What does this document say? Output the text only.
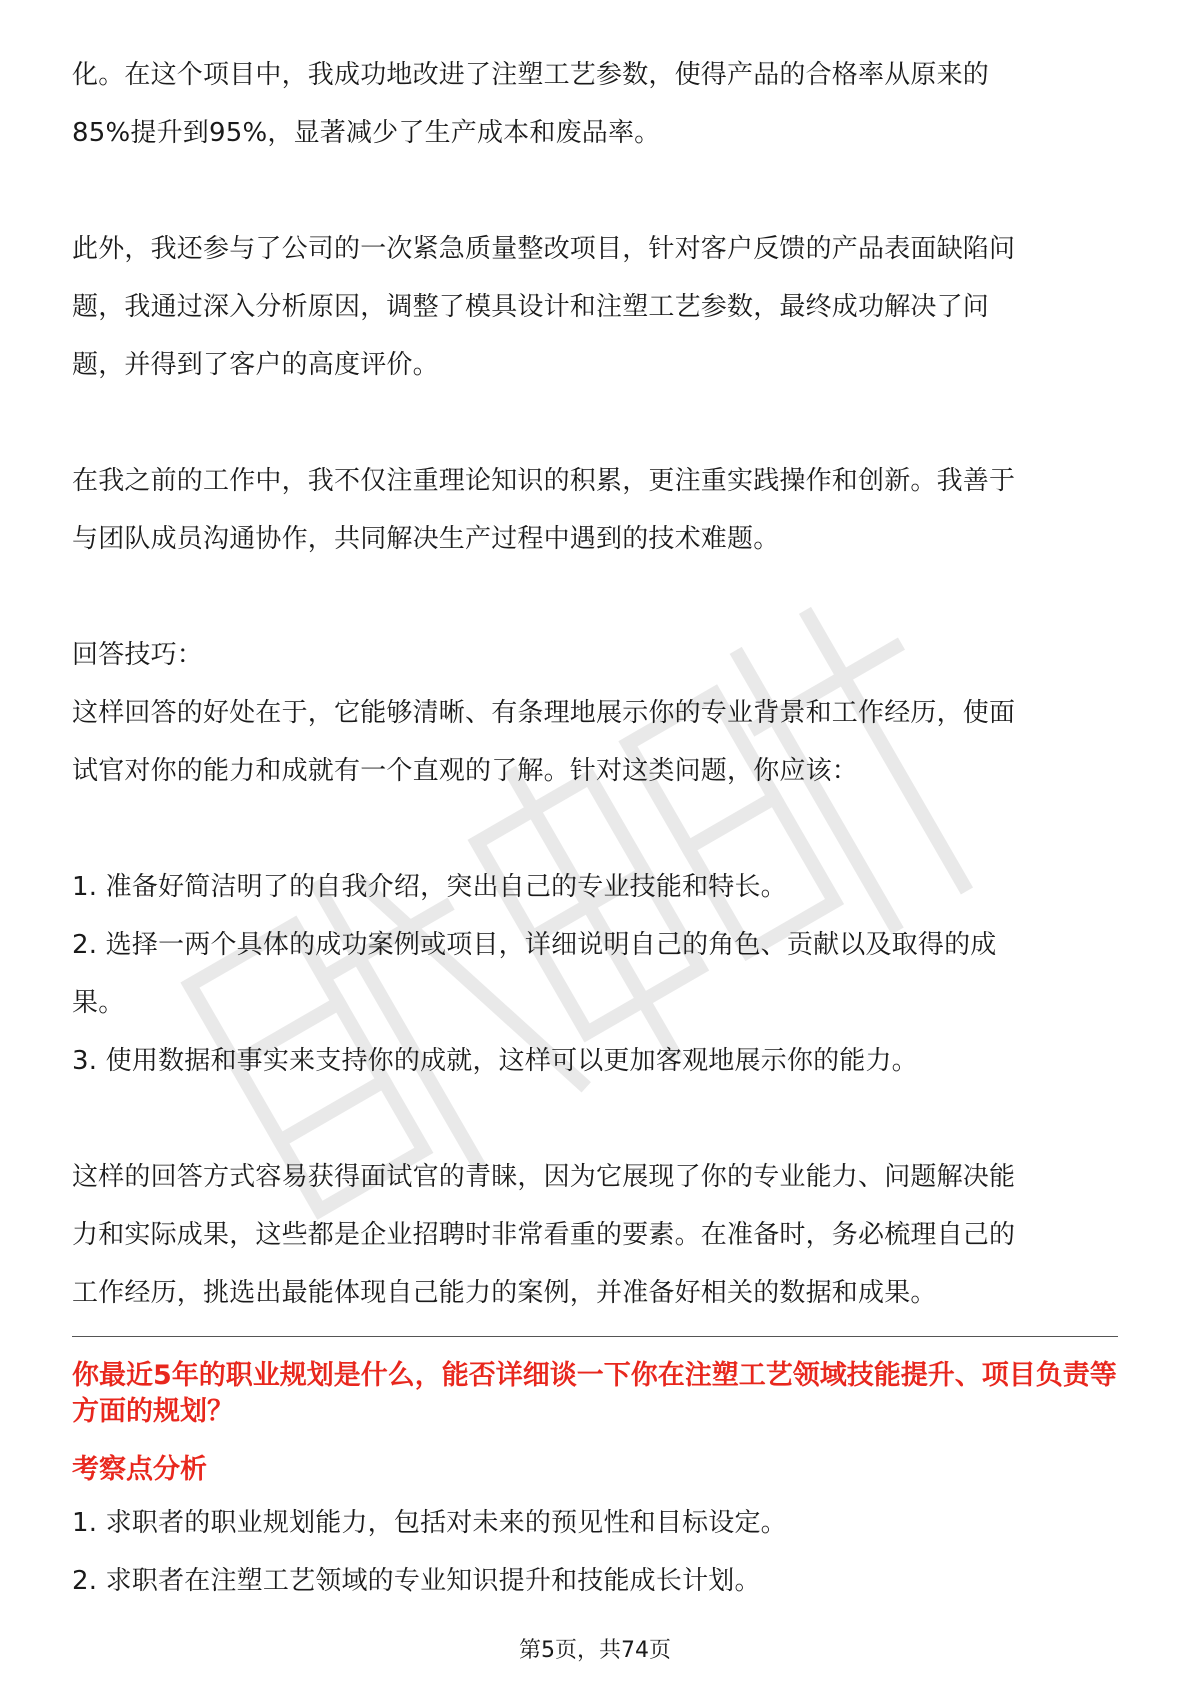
化。在这个项目中，我成功地改进了注塑工艺参数，使得产品的合格率从原来的

85%提升到95%，显著减少了生产成本和废品率。

此外，我还参与了公司的一次紧急质量整改项目，针对客户反馈的产品表面缺陷问

题，我通过深入分析原因，调整了模具设计和注塑工艺参数，最终成功解决了问

题，并得到了客户的高度评价。

在我之前的工作中，我不仅注重理论知识的积累，更注重实践操作和创新。我善于

与团队成员沟通协作，共同解决生产过程中遇到的技术难题。

回答技巧：

这样回答的好处在于，它能够清晰、有条理地展示你的专业背景和工作经历，使面

试官对你的能力和成就有一个直观的了解。针对这类问题，你应该：

1. 准备好简洁明了的自我介绍，突出自己的专业技能和特长。

2. 选择一两个具体的成功案例或项目，详细说明自己的角色、贡献以及取得的成

果。

3. 使用数据和事实来支持你的成就，这样可以更加客观地展示你的能力。

这样的回答方式容易获得面试官的青睐，因为它展现了你的专业能力、问题解决能

力和实际成果，这些都是企业招聘时非常看重的要素。在准备时，务必梳理自己的

工作经历，挑选出最能体现自己能力的案例，并准备好相关的数据和成果。

你最近5年的职业规划是什么，能否详细谈一下你在注塑工艺领域技能提升、项目负责等方面的规划？

考察点分析

1. 求职者的职业规划能力，包括对未来的预见性和目标设定。

2. 求职者在注塑工艺领域的专业知识提升和技能成长计划。

第5页，共74页
